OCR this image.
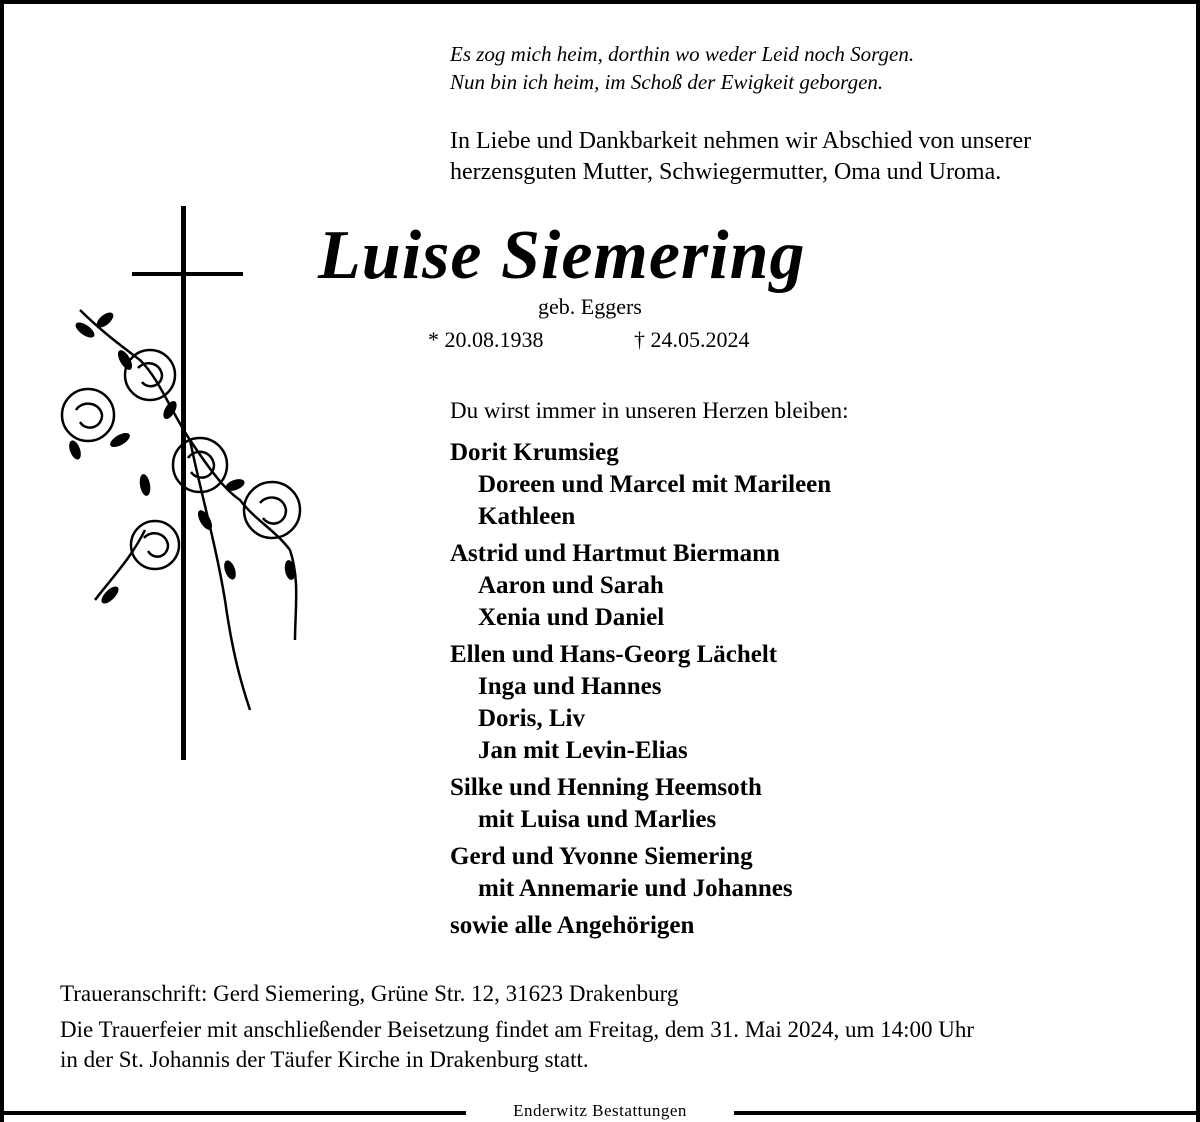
Es zog mich heim, dorthin wo weder Leid noch Sorgen.
Nun bin ich heim, im Schoß der Ewigkeit geborgen.
In Liebe und Dankbarkeit nehmen wir Abschied von unserer
herzensguten Mutter, Schwiegermutter, Oma und Uroma.
Luise Siemering
geb. Eggers
* 20.08.1938	† 24.05.2024
Du wirst immer in unseren Herzen bleiben:
Dorit Krumsieg
Doreen und Marcel mit Marileen
Kathleen
Astrid und Hartmut Biermann
Aaron und Sarah
Xenia und Daniel
Ellen und Hans-Georg Lächelt
Inga und Hannes
Doris, Liv
Jan mit Levin-Elias
Silke und Henning Heemsoth
mit Luisa und Marlies
Gerd und Yvonne Siemering
mit Annemarie und Johannes
sowie alle Angehörigen
Traueranschrift: Gerd Siemering, Grüne Str. 12, 31623 Drakenburg
Die Trauerfeier mit anschließender Beisetzung findet am Freitag, dem 31. Mai 2024, um 14:00 Uhr
in der St. Johannis der Täufer Kirche in Drakenburg statt.
Enderwitz Bestattungen
